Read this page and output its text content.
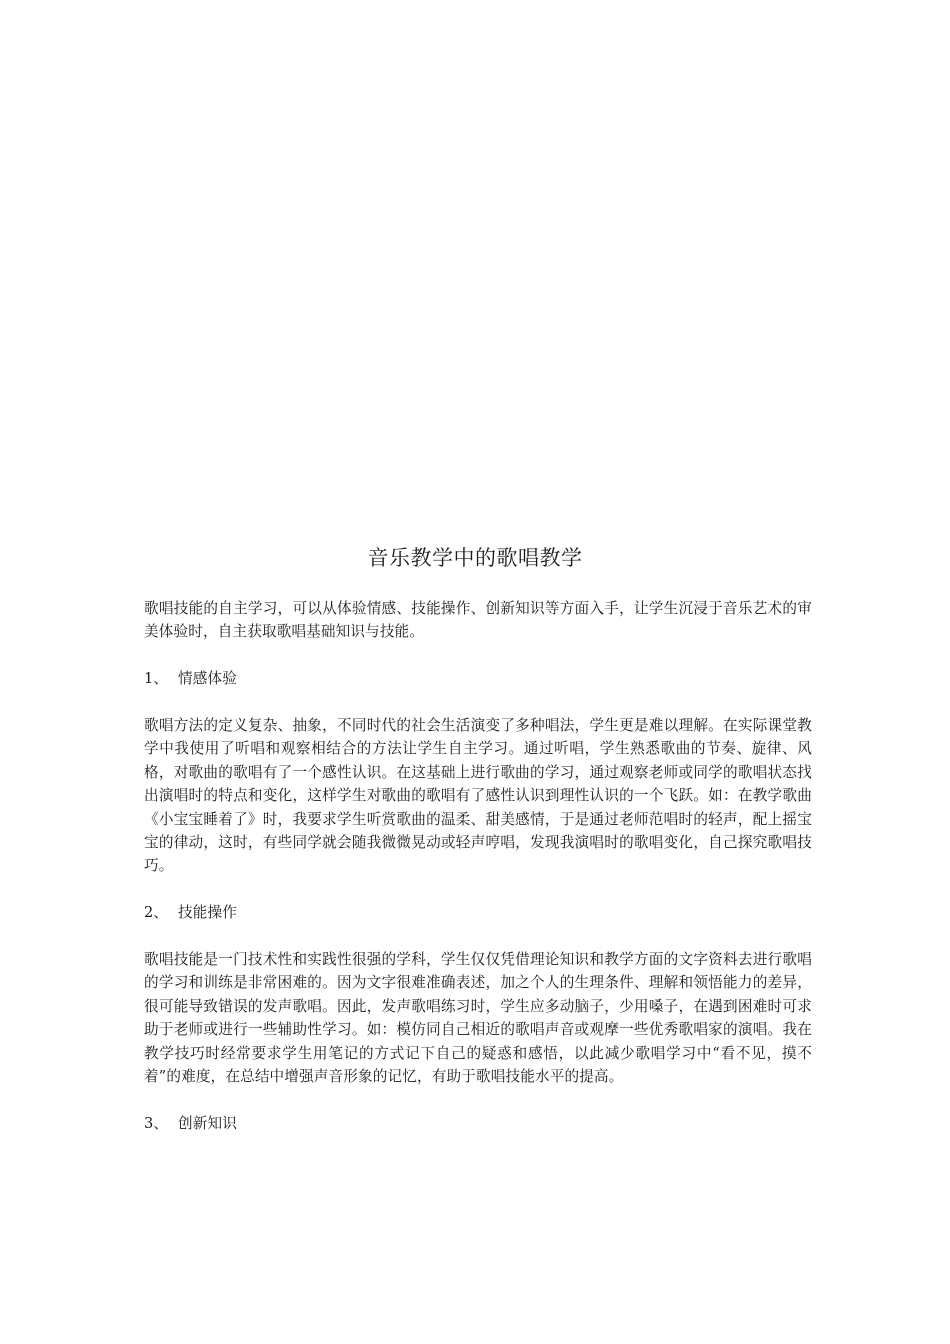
音乐教学中的歌唱教学

歌唱技能的自主学习，可以从体验情感、技能操作、创新知识等方面入手，让学生沉浸于音乐艺术的审美体验时，自主获取歌唱基础知识与技能。

1、 情感体验

歌唱方法的定义复杂、抽象，不同时代的社会生活演变了多种唱法，学生更是难以理解。在实际课堂教学中我使用了听唱和观察相结合的方法让学生自主学习。通过听唱，学生熟悉歌曲的节奏、旋律、风格，对歌曲的歌唱有了一个感性认识。在这基础上进行歌曲的学习，通过观察老师或同学的歌唱状态找出演唱时的特点和变化，这样学生对歌曲的歌唱有了感性认识到理性认识的一个飞跃。如：在教学歌曲《小宝宝睡着了》时，我要求学生听赏歌曲的温柔、甜美感情，于是通过老师范唱时的轻声，配上摇宝宝的律动，这时，有些同学就会随我微微晃动或轻声哼唱，发现我演唱时的歌唱变化，自己探究歌唱技巧。

2、 技能操作

歌唱技能是一门技术性和实践性很强的学科，学生仅仅凭借理论知识和教学方面的文字资料去进行歌唱的学习和训练是非常困难的。因为文字很难准确表述，加之个人的生理条件、理解和领悟能力的差异，很可能导致错误的发声歌唱。因此，发声歌唱练习时，学生应多动脑子，少用嗓子，在遇到困难时可求助于老师或进行一些辅助性学习。如：模仿同自己相近的歌唱声音或观摩一些优秀歌唱家的演唱。我在教学技巧时经常要求学生用笔记的方式记下自己的疑惑和感悟，以此减少歌唱学习中“看不见，摸不着”的难度，在总结中增强声音形象的记忆，有助于歌唱技能水平的提高。

3、 创新知识
